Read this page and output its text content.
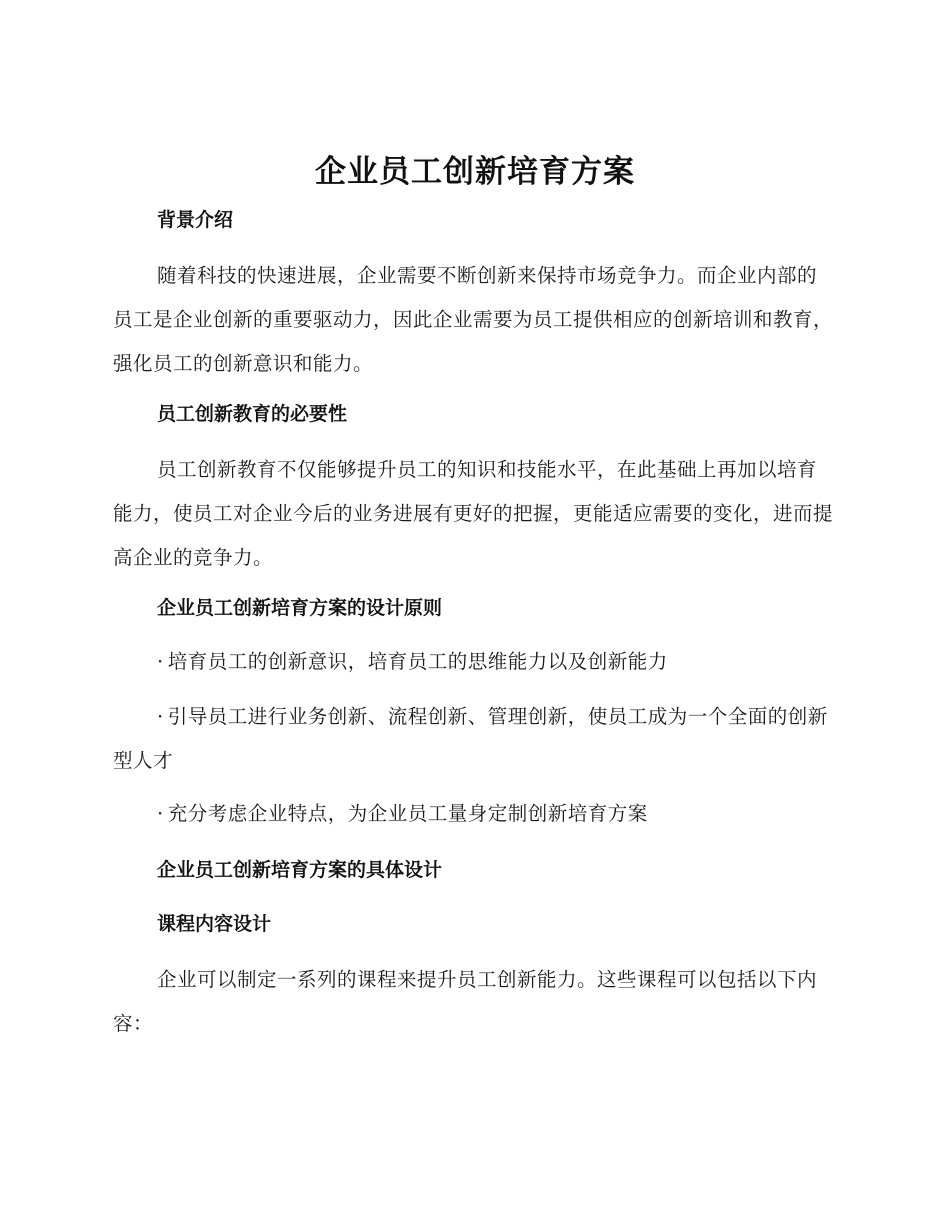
企业员工创新培育方案
背景介绍

随着科技的快速进展，企业需要不断创新来保持市场竞争力。而企业内部的员工是企业创新的重要驱动力，因此企业需要为员工提供相应的创新培训和教育，强化员工的创新意识和能力。

员工创新教育的必要性

员工创新教育不仅能够提升员工的知识和技能水平，在此基础上再加以培育能力，使员工对企业今后的业务进展有更好的把握，更能适应需要的变化，进而提高企业的竞争力。

企业员工创新培育方案的设计原则

· 培育员工的创新意识，培育员工的思维能力以及创新能力

· 引导员工进行业务创新、流程创新、管理创新，使员工成为一个全面的创新型人才

· 充分考虑企业特点，为企业员工量身定制创新培育方案

企业员工创新培育方案的具体设计
课程内容设计

企业可以制定一系列的课程来提升员工创新能力。这些课程可以包括以下内容：
